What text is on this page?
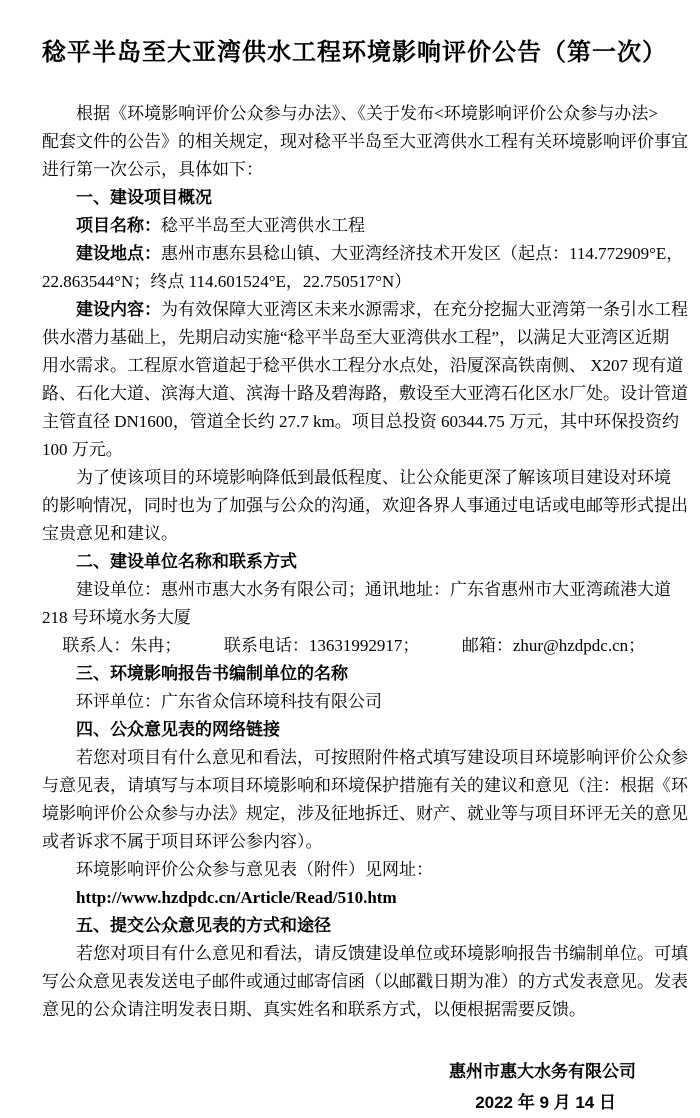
稔平半岛至大亚湾供水工程环境影响评价公告（第一次）
根据《环境影响评价公众参与办法》、《关于发布<环境影响评价公众参与办法>
配套文件的公告》的相关规定，现对稔平半岛至大亚湾供水工程有关环境影响评价事宜
进行第一次公示，具体如下：
一、建设项目概况
项目名称：稔平半岛至大亚湾供水工程
建设地点：惠州市惠东县稔山镇、大亚湾经济技术开发区（起点：114.772909°E，
22.863544°N；终点 114.601524°E，22.750517°N）
建设内容：为有效保障大亚湾区未来水源需求，在充分挖掘大亚湾第一条引水工程
供水潜力基础上，先期启动实施“稔平半岛至大亚湾供水工程”，以满足大亚湾区近期
用水需求。工程原水管道起于稔平供水工程分水点处，沿厦深高铁南侧、 X207 现有道
路、石化大道、滨海大道、滨海十路及碧海路，敷设至大亚湾石化区水厂处。设计管道
主管直径 DN1600，管道全长约 27.7 km。项目总投资 60344.75 万元，其中环保投资约
100 万元。
为了使该项目的环境影响降低到最低程度、让公众能更深了解该项目建设对环境
的影响情况，同时也为了加强与公众的沟通，欢迎各界人事通过电话或电邮等形式提出
宝贵意见和建议。
二、建设单位名称和联系方式
建设单位：惠州市惠大水务有限公司；通讯地址：广东省惠州市大亚湾疏港大道
218 号环境水务大厦
联系人：朱冉；　　　联系电话：13631992917；　　　邮箱：zhur@hzdpdc.cn；
三、环境影响报告书编制单位的名称
环评单位：广东省众信环境科技有限公司
四、公众意见表的网络链接
若您对项目有什么意见和看法，可按照附件格式填写建设项目环境影响评价公众参
与意见表，请填写与本项目环境影响和环境保护措施有关的建议和意见（注：根据《环
境影响评价公众参与办法》规定，涉及征地拆迁、财产、就业等与项目环评无关的意见
或者诉求不属于项目环评公参内容）。
环境影响评价公众参与意见表（附件）见网址：
http://www.hzdpdc.cn/Article/Read/510.htm
五、提交公众意见表的方式和途径
若您对项目有什么意见和看法，请反馈建设单位或环境影响报告书编制单位。可填
写公众意见表发送电子邮件或通过邮寄信函（以邮戳日期为准）的方式发表意见。发表
意见的公众请注明发表日期、真实姓名和联系方式，以便根据需要反馈。
惠州市惠大水务有限公司
2022 年 9 月 14 日
